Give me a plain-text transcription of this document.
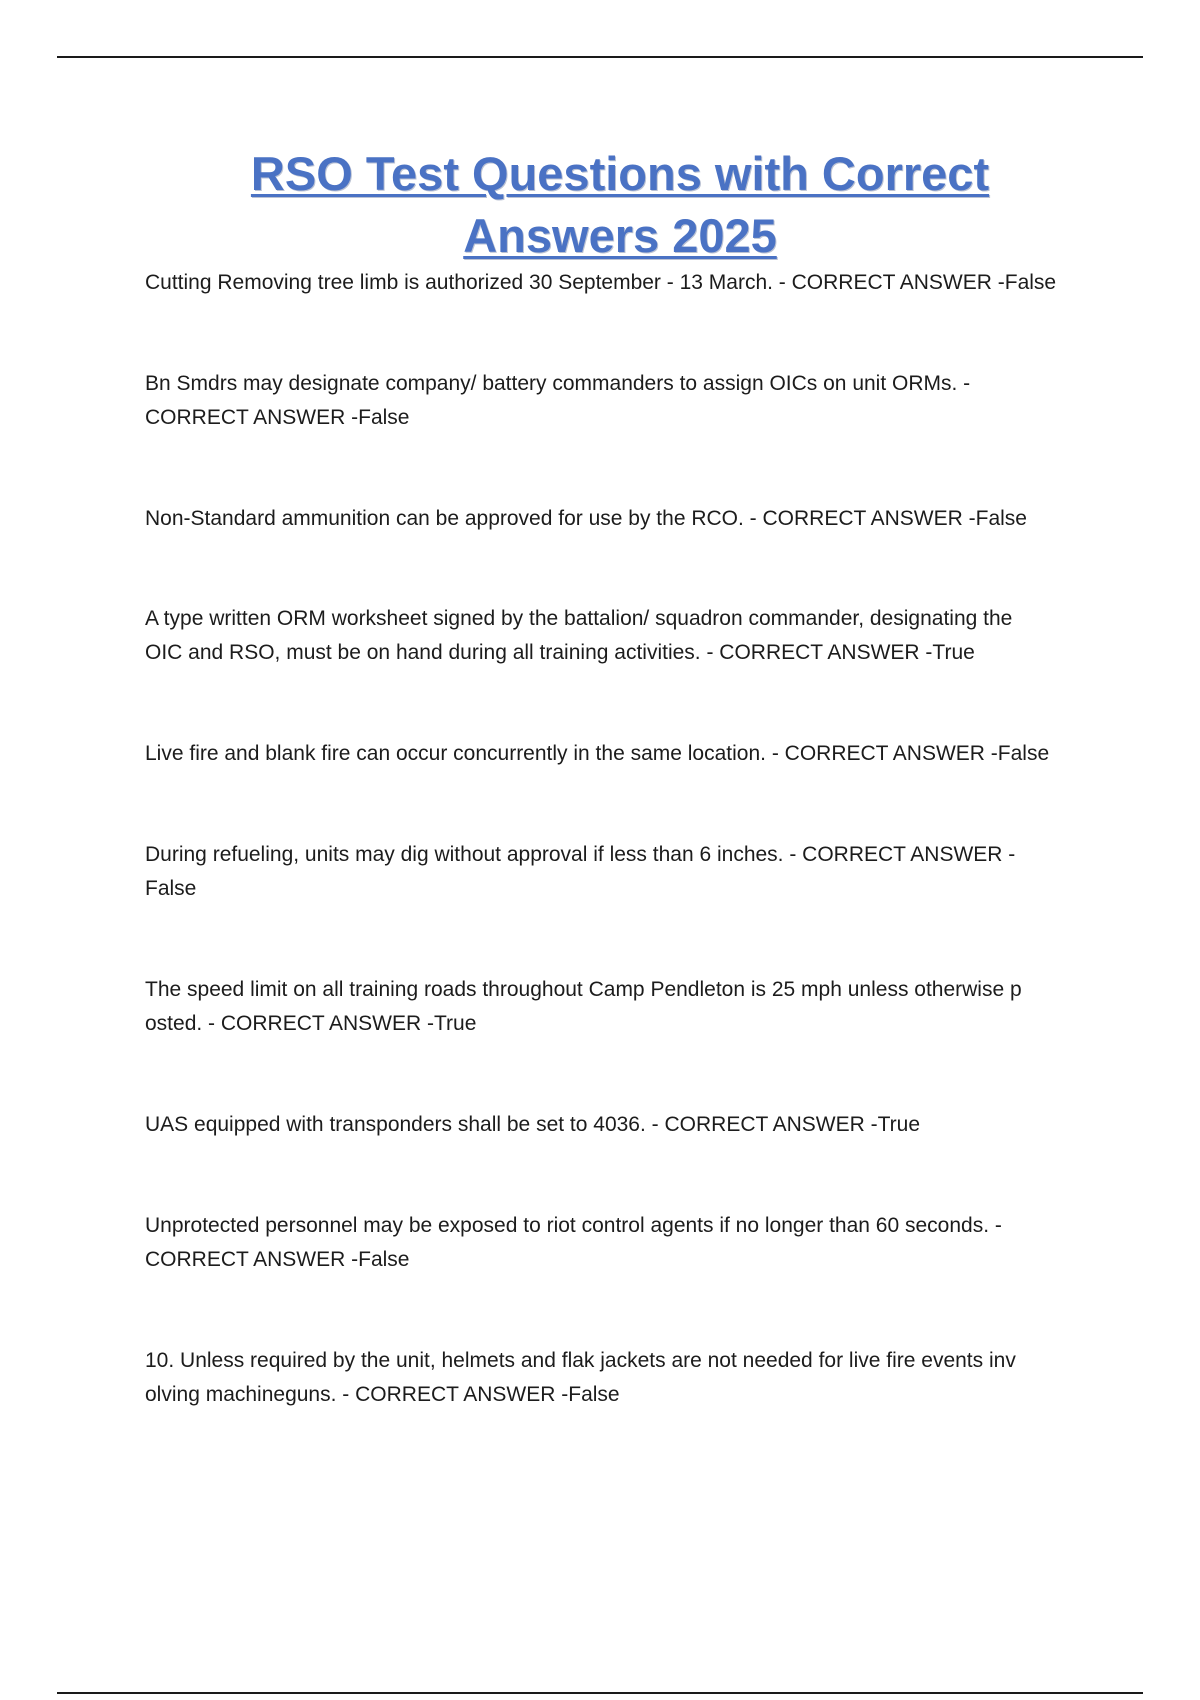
RSO Test Questions with Correct Answers 2025

Cutting Removing tree limb is authorized 30 September - 13 March. - CORRECT ANSWER -False

Bn Smdrs may designate company/ battery commanders to assign OICs on unit ORMs. -
CORRECT ANSWER -False

Non-Standard ammunition can be approved for use by the RCO. - CORRECT ANSWER -False

A type written ORM worksheet signed by the battalion/ squadron commander, designating the
OIC and RSO, must be on hand during all training activities. - CORRECT ANSWER -True

Live fire and blank fire can occur concurrently in the same location. - CORRECT ANSWER -False

During refueling, units may dig without approval if less than 6 inches. - CORRECT ANSWER -
False

The speed limit on all training roads throughout Camp Pendleton is 25 mph unless otherwise p
osted. - CORRECT ANSWER -True

UAS equipped with transponders shall be set to 4036. - CORRECT ANSWER -True

Unprotected personnel may be exposed to riot control agents if no longer than 60 seconds. -
CORRECT ANSWER -False

10. Unless required by the unit, helmets and flak jackets are not needed for live fire events inv
olving machineguns. - CORRECT ANSWER -False
